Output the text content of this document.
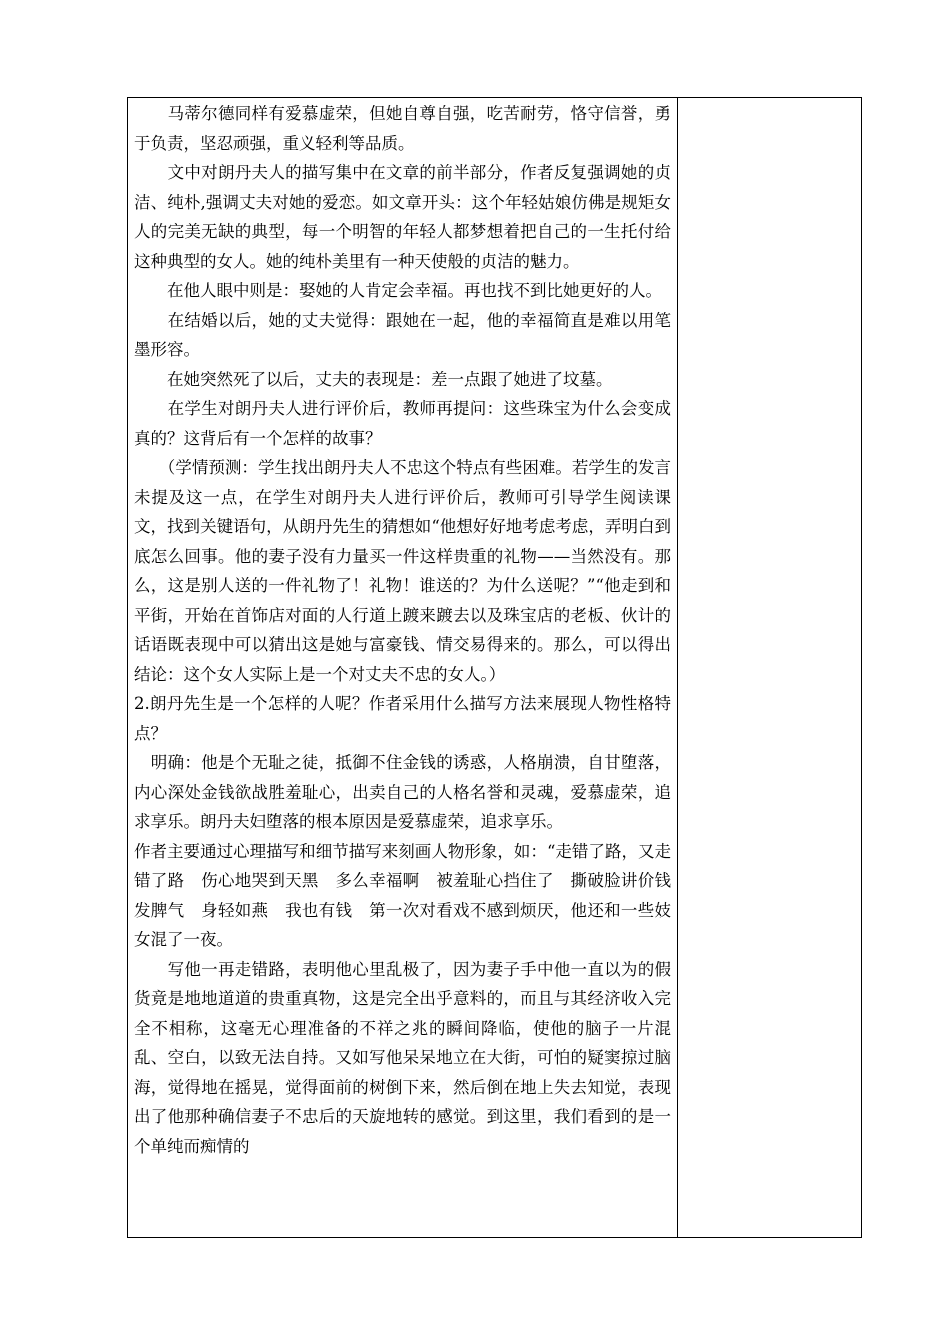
　　马蒂尔德同样有爱慕虚荣，但她自尊自强，吃苦耐劳，恪守信誉，勇于负责，坚忍顽强，重义轻利等品质。

　　文中对朗丹夫人的描写集中在文章的前半部分，作者反复强调她的贞洁、纯朴,强调丈夫对她的爱恋。如文章开头：这个年轻姑娘仿佛是规矩女人的完美无缺的典型，每一个明智的年轻人都梦想着把自己的一生托付给这种典型的女人。她的纯朴美里有一种天使般的贞洁的魅力。

　　在他人眼中则是：娶她的人肯定会幸福。再也找不到比她更好的人。

　　在结婚以后，她的丈夫觉得：跟她在一起，他的幸福简直是难以用笔墨形容。

　　在她突然死了以后，丈夫的表现是：差一点跟了她进了坟墓。

　　在学生对朗丹夫人进行评价后，教师再提问：这些珠宝为什么会变成真的？这背后有一个怎样的故事？

　　（学情预测：学生找出朗丹夫人不忠这个特点有些困难。若学生的发言未提及这一点，在学生对朗丹夫人进行评价后，教师可引导学生阅读课文，找到关键语句，从朗丹先生的猜想如“他想好好地考虑考虑，弄明白到底怎么回事。他的妻子没有力量买一件这样贵重的礼物——当然没有。那么，这是别人送的一件礼物了！礼物！谁送的？为什么送呢？”“他走到和平街，开始在首饰店对面的人行道上踱来踱去以及珠宝店的老板、伙计的话语既表现中可以猜出这是她与富豪钱、情交易得来的。那么，可以得出结论：这个女人实际上是一个对丈夫不忠的女人。）

2.朗丹先生是一个怎样的人呢？作者采用什么描写方法来展现人物性格特点？

　明确：他是个无耻之徒，抵御不住金钱的诱惑，人格崩溃，自甘堕落，内心深处金钱欲战胜羞耻心，出卖自己的人格名誉和灵魂，爱慕虚荣，追求享乐。朗丹夫妇堕落的根本原因是爱慕虚荣，追求享乐。

作者主要通过心理描写和细节描写来刻画人物形象，如：“走错了路，又走错了路　伤心地哭到天黑　多么幸福啊　被羞耻心挡住了　撕破脸讲价钱　发脾气　身轻如燕　我也有钱　第一次对看戏不感到烦厌，他还和一些妓女混了一夜。

　　写他一再走错路，表明他心里乱极了，因为妻子手中他一直以为的假货竟是地地道道的贵重真物，这是完全出乎意料的，而且与其经济收入完全不相称，这毫无心理准备的不祥之兆的瞬间降临，使他的脑子一片混乱、空白，以致无法自持。又如写他呆呆地立在大街，可怕的疑窦掠过脑海，觉得地在摇晃，觉得面前的树倒下来，然后倒在地上失去知觉，表现出了他那种确信妻子不忠后的天旋地转的感觉。到这里，我们看到的是一个单纯而痴情的
